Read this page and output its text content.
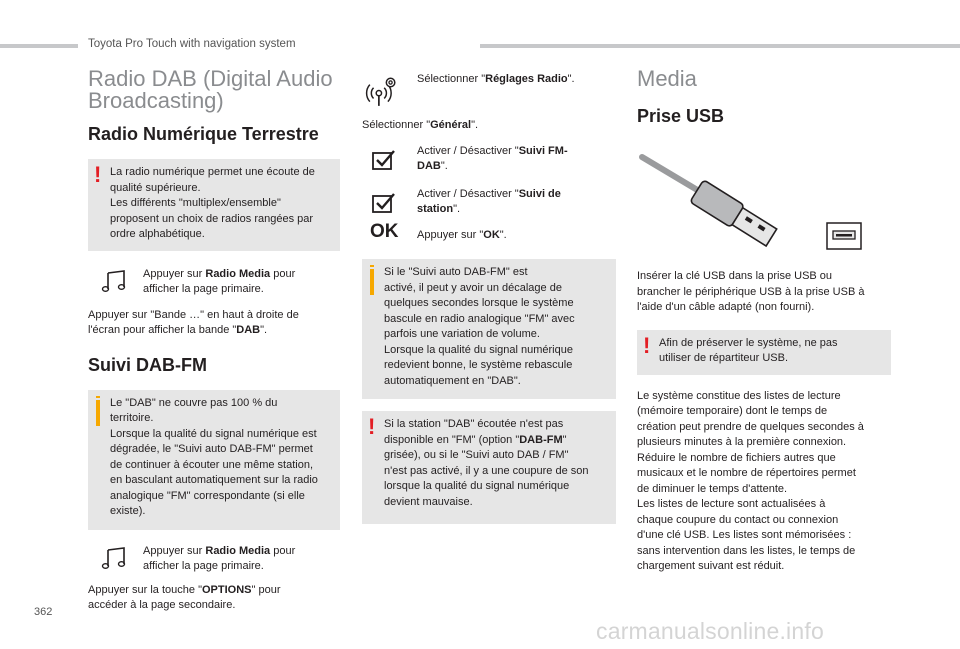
Toyota Pro Touch with navigation system
362
carmanualsonline.info
Radio DAB (Digital Audio
Broadcasting)
Radio Numérique Terrestre
! La radio numérique permet une écoute de
qualité supérieure.
Les différents "multiplex/ensemble"
proposent un choix de radios rangées par
ordre alphabétique.
Appuyer sur Radio Media pour
afficher la page primaire.
Appuyer sur "Bande …" en haut à droite de
l'écran pour afficher la bande "DAB".
Suivi DAB-FM
Le "DAB" ne couvre pas 100 % du
territoire.
Lorsque la qualité du signal numérique est
dégradée, le "Suivi auto DAB-FM" permet
de continuer à écouter une même station,
en basculant automatiquement sur la radio
analogique "FM" correspondante (si elle
existe).
Appuyer sur Radio Media pour
afficher la page primaire.
Appuyer sur la touche "OPTIONS" pour
accéder à la page secondaire.
Sélectionner "Réglages Radio".
Sélectionner "Général".
Activer / Désactiver "Suivi FM-
DAB".
Activer / Désactiver "Suivi de
station".
OK Appuyer sur "OK".
Si le "Suivi auto DAB-FM" est
activé, il peut y avoir un décalage de
quelques secondes lorsque le système
bascule en radio analogique "FM" avec
parfois une variation de volume.
Lorsque la qualité du signal numérique
redevient bonne, le système rebascule
automatiquement en "DAB".
! Si la station "DAB" écoutée n'est pas
disponible en "FM" (option "DAB-FM"
grisée), ou si le "Suivi auto DAB / FM"
n'est pas activé, il y a une coupure de son
lorsque la qualité du signal numérique
devient mauvaise.
Media
Prise USB
Insérer la clé USB dans la prise USB ou
brancher le périphérique USB à la prise USB à
l'aide d'un câble adapté (non fourni).
! Afin de préserver le système, ne pas
utiliser de répartiteur USB.
Le système constitue des listes de lecture
(mémoire temporaire) dont le temps de
création peut prendre de quelques secondes à
plusieurs minutes à la première connexion.
Réduire le nombre de fichiers autres que
musicaux et le nombre de répertoires permet
de diminuer le temps d'attente.
Les listes de lecture sont actualisées à
chaque coupure du contact ou connexion
d'une clé USB. Les listes sont mémorisées :
sans intervention dans les listes, le temps de
chargement suivant est réduit.
